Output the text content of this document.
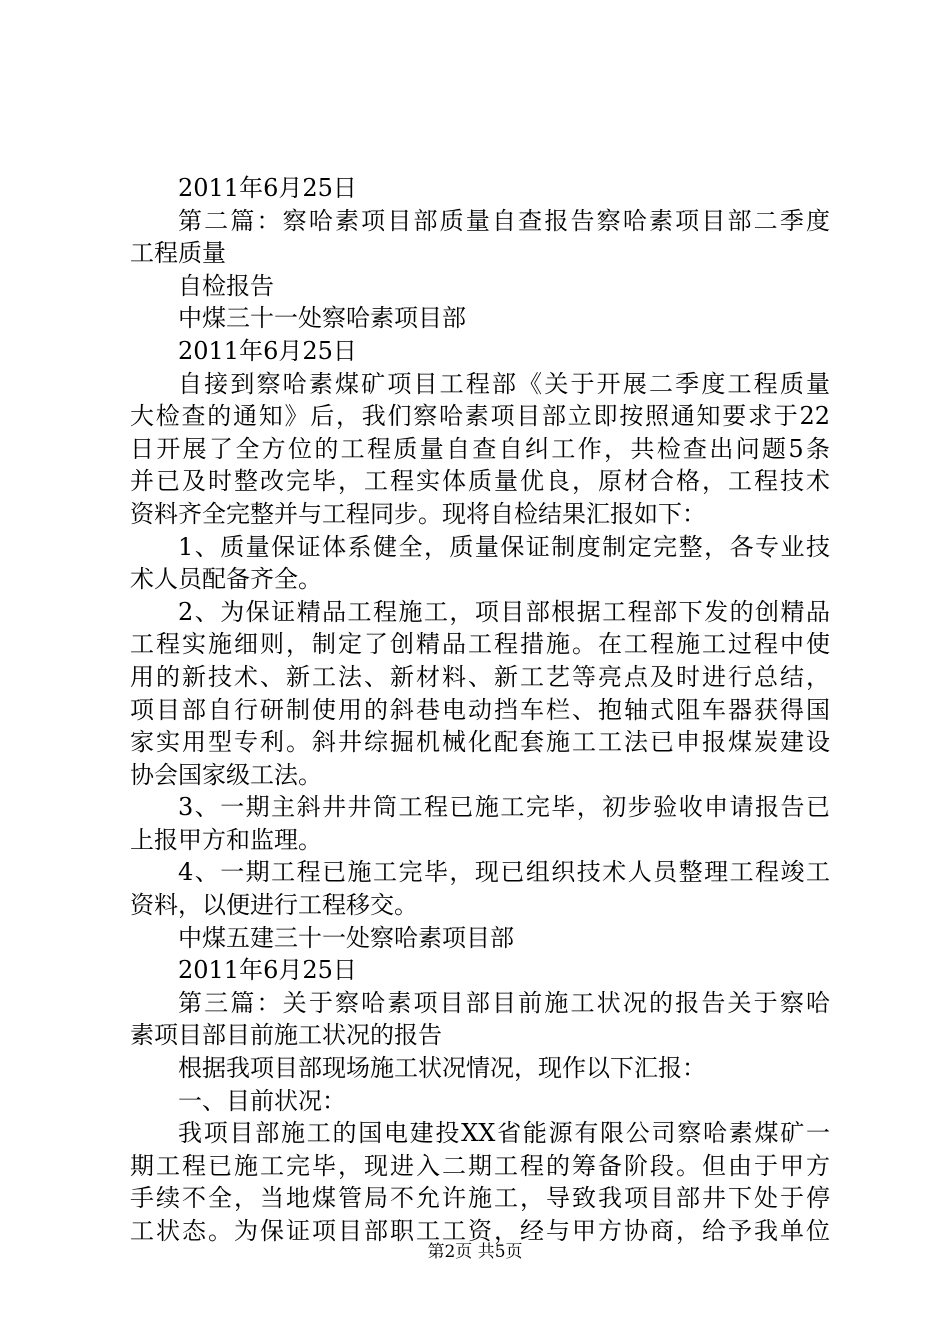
2011年6月25日
第二篇：察哈素项目部质量自查报告察哈素项目部二季度
工程质量
自检报告
中煤三十一处察哈素项目部
2011年6月25日
自接到察哈素煤矿项目工程部《关于开展二季度工程质量
大检查的通知》后，我们察哈素项目部立即按照通知要求于22
日开展了全方位的工程质量自查自纠工作，共检查出问题5条
并已及时整改完毕，工程实体质量优良，原材合格，工程技术
资料齐全完整并与工程同步。现将自检结果汇报如下：
1、质量保证体系健全，质量保证制度制定完整，各专业技
术人员配备齐全。
2、为保证精品工程施工，项目部根据工程部下发的创精品
工程实施细则，制定了创精品工程措施。在工程施工过程中使
用的新技术、新工法、新材料、新工艺等亮点及时进行总结，
项目部自行研制使用的斜巷电动挡车栏、抱轴式阻车器获得国
家实用型专利。斜井综掘机械化配套施工工法已申报煤炭建设
协会国家级工法。
3、一期主斜井井筒工程已施工完毕，初步验收申请报告已
上报甲方和监理。
4、一期工程已施工完毕，现已组织技术人员整理工程竣工
资料，以便进行工程移交。
中煤五建三十一处察哈素项目部
2011年6月25日
第三篇：关于察哈素项目部目前施工状况的报告关于察哈
素项目部目前施工状况的报告
根据我项目部现场施工状况情况，现作以下汇报：
一、目前状况：
我项目部施工的国电建投XX省能源有限公司察哈素煤矿一
期工程已施工完毕，现进入二期工程的筹备阶段。但由于甲方
手续不全，当地煤管局不允许施工，导致我项目部井下处于停
工状态。为保证项目部职工工资，经与甲方协商，给予我单位
第2页 共5页
